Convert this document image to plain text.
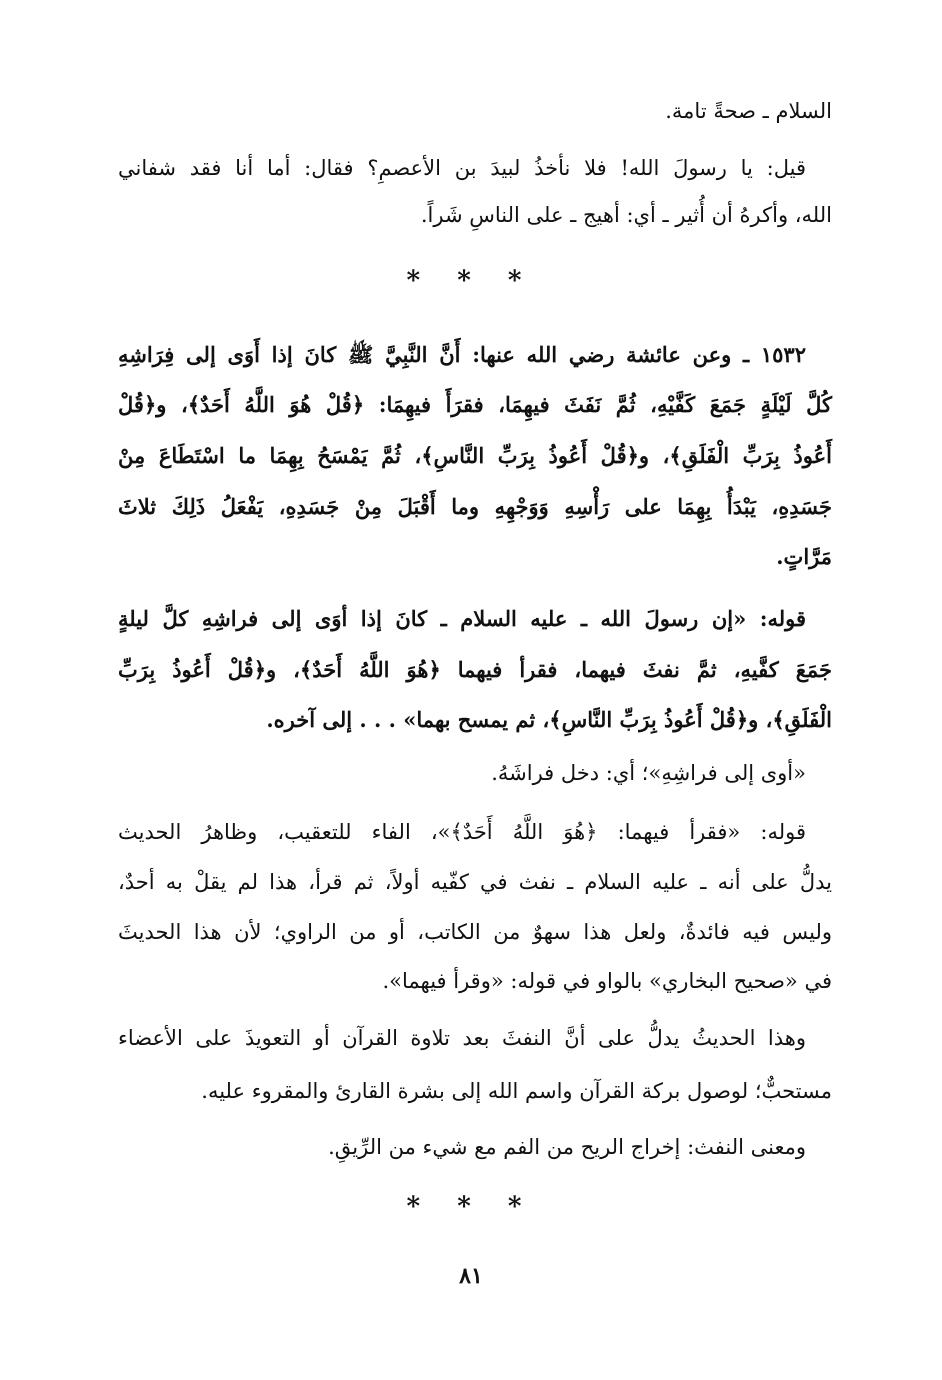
السلام ـ صحةً تامة.
قيل: يا رسولَ الله! فلا نأخذُ لبيدَ بن الأعصمِ؟ فقال: أما أنا فقد شفاني
الله، وأكرهُ أن أُثير ـ أي: أهيج ـ على الناسِ شَراً.
* * *
١٥٣٢ ـ وعن عائشة رضي الله عنها: أَنَّ النَّبِيَّ ﷺ كانَ إذا أَوَى إلى فِرَاشِهِ
كُلَّ لَيْلَةٍ جَمَعَ كَفَّيْهِ، ثُمَّ نَفَثَ فيهِمَا، فقرَأَ فيهِمَا: ﴿قُلْ هُوَ اللَّهُ أَحَدٌ﴾، و﴿قُلْ
أَعُوذُ بِرَبِّ الْفَلَقِ﴾، و﴿قُلْ أَعُوذُ بِرَبِّ النَّاسِ﴾، ثُمَّ يَمْسَحُ بِهِمَا ما اسْتَطَاعَ مِنْ
جَسَدِهِ، يَبْدَأُ بِهِمَا على رَأْسِهِ وَوَجْهِهِ وما أَقْبَلَ مِنْ جَسَدِهِ، يَفْعَلُ ذَلِكَ ثلاثَ
مَرَّاتٍ.
قوله: «إن رسولَ الله ـ عليه السلام ـ كانَ إذا أوَى إلى فراشِهِ كلَّ ليلةٍ
جَمَعَ كفَّيهِ، ثمَّ نفثَ فيهما، فقرأ فيهما ﴿هُوَ اللَّهُ أَحَدٌ﴾، و﴿قُلْ أَعُوذُ بِرَبِّ
الْفَلَقِ﴾، و﴿قُلْ أَعُوذُ بِرَبِّ النَّاسِ﴾، ثم يمسح بهما» . . . إلى آخره.
«أوى إلى فراشِهِ»؛ أي: دخل فراشَهُ.
قوله: «فقرأ فيهما: ﴿هُوَ اللَّهُ أَحَدٌ﴾»، الفاء للتعقيب، وظاهرُ الحديث
يدلُّ على أنه ـ عليه السلام ـ نفث في كفّيه أولاً، ثم قرأ، هذا لم يقلْ به أحدٌ،
وليس فيه فائدةٌ، ولعل هذا سهوٌ من الكاتب، أو من الراوي؛ لأن هذا الحديثَ
في «صحيح البخاري» بالواو في قوله: «وقرأ فيهما».
وهذا الحديثُ يدلُّ على أنَّ النفثَ بعد تلاوة القرآن أو التعويذَ على الأعضاء
مستحبٌّ؛ لوصول بركة القرآن واسم الله إلى بشرة القارئ والمقروء عليه.
ومعنى النفث: إخراج الريح من الفم مع شيء من الرِّيقِ.
* * *
٨١
